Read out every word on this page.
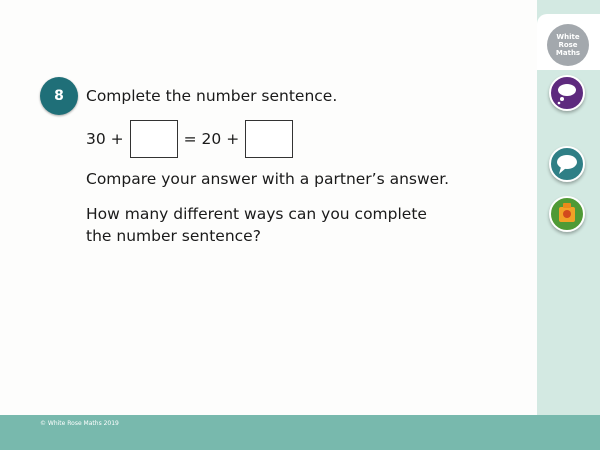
8 Complete the number sentence.
30 +	= 20 +
Compare your answer with a partner’s answer.
How many different ways can you complete
the number sentence?
White
Rose
Maths
© White Rose Maths 2019
